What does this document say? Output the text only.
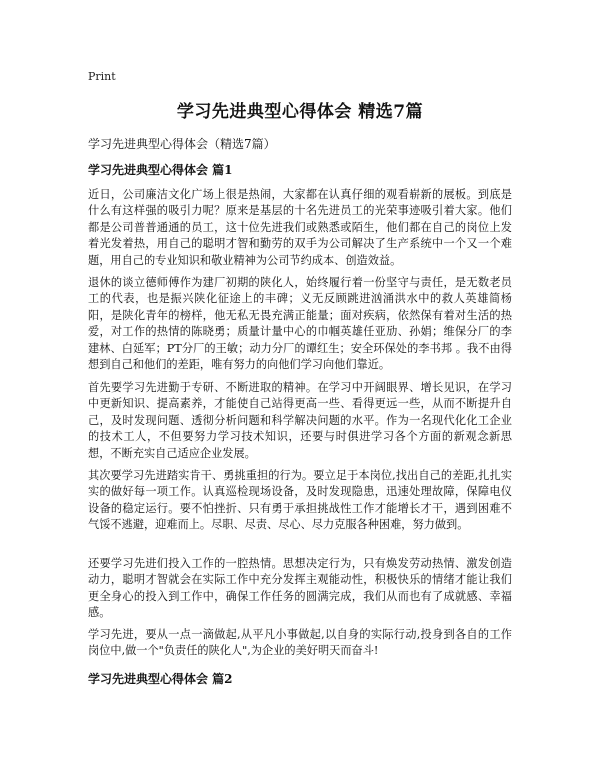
Print
学习先进典型心得体会 精选7篇
学习先进典型心得体会（精选7篇）
学习先进典型心得体会 篇1

近日，公司廉洁文化广场上很是热闹，大家都在认真仔细的观看崭新的展板。到底是什么有这样强的吸引力呢？原来是基层的十名先进员工的光荣事迹吸引着大家。他们都是公司普普通通的员工，这十位先进我们或熟悉或陌生，他们都在自己的岗位上发着光发着热，用自己的聪明才智和勤劳的双手为公司解决了生产系统中一个又一个难题，用自己的专业知识和敬业精神为公司节约成本、创造效益。

退休的谈立德师傅作为建厂初期的陕化人，始终履行着一份坚守与责任，是无数老员工的代表，也是振兴陕化征途上的丰碑；义无反顾跳进汹涌洪水中的救人英雄简杨阳，是陕化青年的榜样，他无私无畏充满正能量；面对疾病，依然保有着对生活的热爱，对工作的热情的陈晓勇；质量计量中心的巾帼英雄任亚劢、孙娟；维保分厂的李建林、白延军；PT分厂的王敏；动力分厂的谭红生；安全环保处的李书邦 。我不由得想到自己和他们的差距，唯有努力的向他们学习向他们靠近。

首先要学习先进勤于专研、不断进取的精神。在学习中开阔眼界、增长见识，在学习中更新知识、提高素养，才能使自己站得更高一些、看得更远一些，从而不断提升自己，及时发现问题、透彻分析问题和科学解决问题的水平。作为一名现代化化工企业的技术工人，不但要努力学习技术知识，还要与时俱进学习各个方面的新观念新思想，不断充实自己适应企业发展。

其次要学习先进踏实肯干、勇挑重担的行为。要立足于本岗位,找出自己的差距,扎扎实实的做好每一项工作。认真巡检现场设备，及时发现隐患，迅速处理故障，保障电仪设备的稳定运行。要不怕挫折、只有勇于承担挑战性工作才能增长才干，遇到困难不气馁不逃避，迎难而上。尽职、尽责、尽心、尽力克服各种困难，努力做到。

还要学习先进们投入工作的一腔热情。思想决定行为，只有焕发劳动热情、激发创造动力，聪明才智就会在实际工作中充分发挥主观能动性，积极快乐的情绪才能让我们更全身心的投入到工作中，确保工作任务的圆满完成，我们从而也有了成就感、幸福感。

学习先进，要从一点一滴做起,从平凡小事做起,以自身的实际行动,投身到各自的工作岗位中,做一个"负责任的陕化人",为企业的美好明天而奋斗!

学习先进典型心得体会 篇2
